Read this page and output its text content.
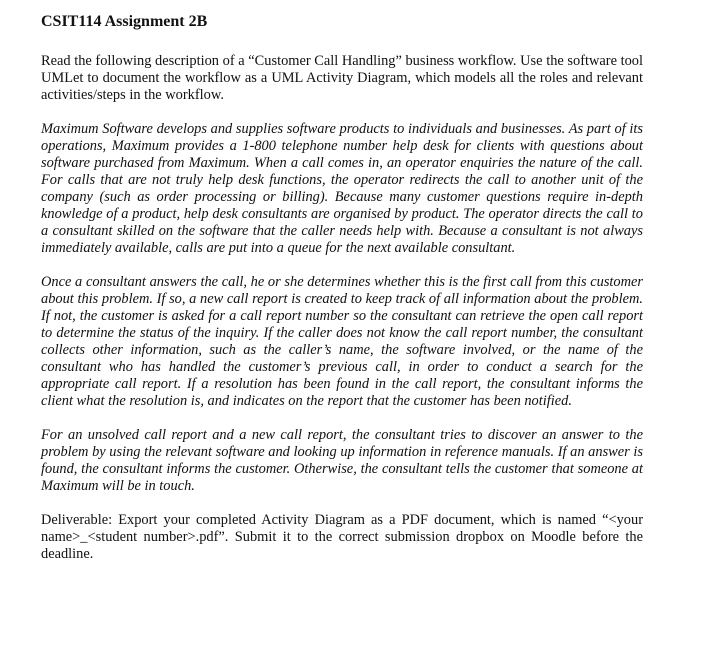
CSIT114 Assignment 2B

Read the following description of a “Customer Call Handling” business workflow. Use the software tool UMLet to document the workflow as a UML Activity Diagram, which models all the roles and relevant activities/steps in the workflow.

Maximum Software develops and supplies software products to individuals and businesses. As part of its operations, Maximum provides a 1-800 telephone number help desk for clients with questions about software purchased from Maximum. When a call comes in, an operator enquiries the nature of the call. For calls that are not truly help desk functions, the operator redirects the call to another unit of the company (such as order processing or billing). Because many customer questions require in-depth knowledge of a product, help desk consultants are organised by product. The operator directs the call to a consultant skilled on the software that the caller needs help with. Because a consultant is not always immediately available, calls are put into a queue for the next available consultant.

Once a consultant answers the call, he or she determines whether this is the first call from this customer about this problem. If so, a new call report is created to keep track of all information about the problem. If not, the customer is asked for a call report number so the consultant can retrieve the open call report to determine the status of the inquiry. If the caller does not know the call report number, the consultant collects other information, such as the caller’s name, the software involved, or the name of the consultant who has handled the customer’s previous call, in order to conduct a search for the appropriate call report. If a resolution has been found in the call report, the consultant informs the client what the resolution is, and indicates on the report that the customer has been notified.

For an unsolved call report and a new call report, the consultant tries to discover an answer to the problem by using the relevant software and looking up information in reference manuals. If an answer is found, the consultant informs the customer. Otherwise, the consultant tells the customer that someone at Maximum will be in touch.

Deliverable: Export your completed Activity Diagram as a PDF document, which is named “<your name>_<student number>.pdf”. Submit it to the correct submission dropbox on Moodle before the deadline.
